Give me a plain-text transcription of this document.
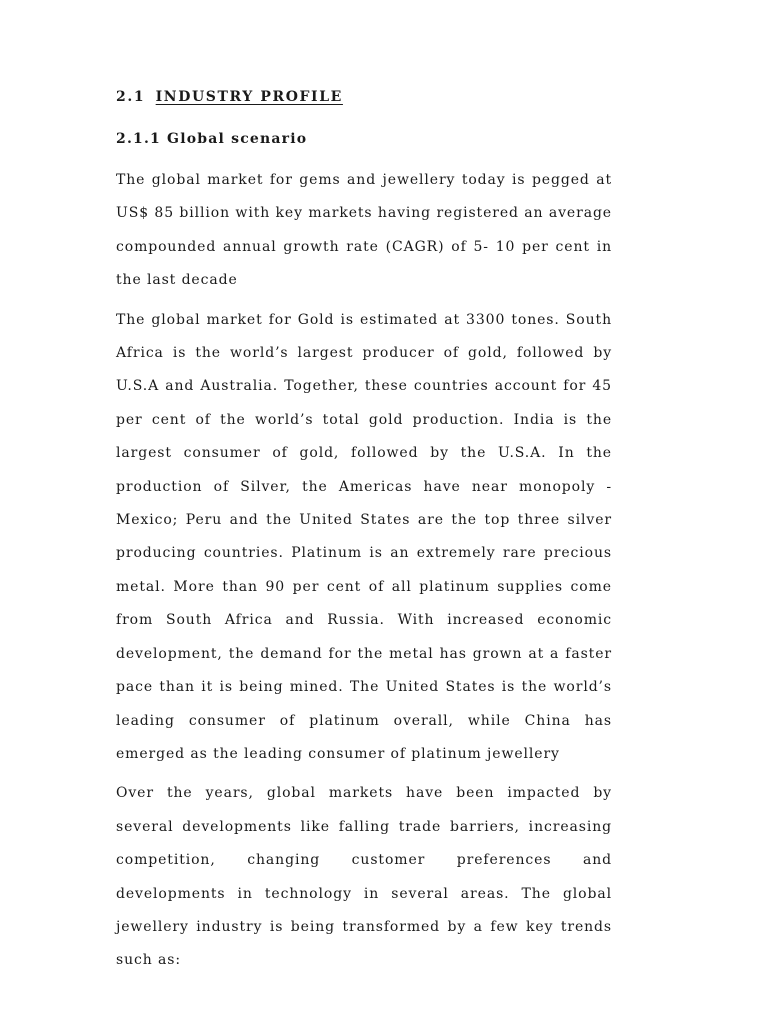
2.1 INDUSTRY PROFILE
2.1.1 Global scenario

The global market for gems and jewellery today is pegged at US$ 85 billion with key markets having registered an average compounded annual growth rate (CAGR) of 5- 10 per cent in the last decade

The global market for Gold is estimated at 3300 tones. South Africa is the world’s largest producer of gold, followed by U.S.A and Australia. Together, these countries account for 45 per cent of the world’s total gold production. India is the largest consumer of gold, followed by the U.S.A. In the production of Silver, the Americas have near monopoly -Mexico; Peru and the United States are the top three silver producing countries. Platinum is an extremely rare precious metal. More than 90 per cent of all platinum supplies come from South Africa and Russia. With increased economic development, the demand for the metal has grown at a faster pace than it is being mined. The United States is the world’s leading consumer of platinum overall, while China has emerged as the leading consumer of platinum jewellery

Over the years, global markets have been impacted by several developments like falling trade barriers, increasing competition, changing customer preferences and developments in technology in several areas. The global jewellery industry is being transformed by a few key trends such as:
